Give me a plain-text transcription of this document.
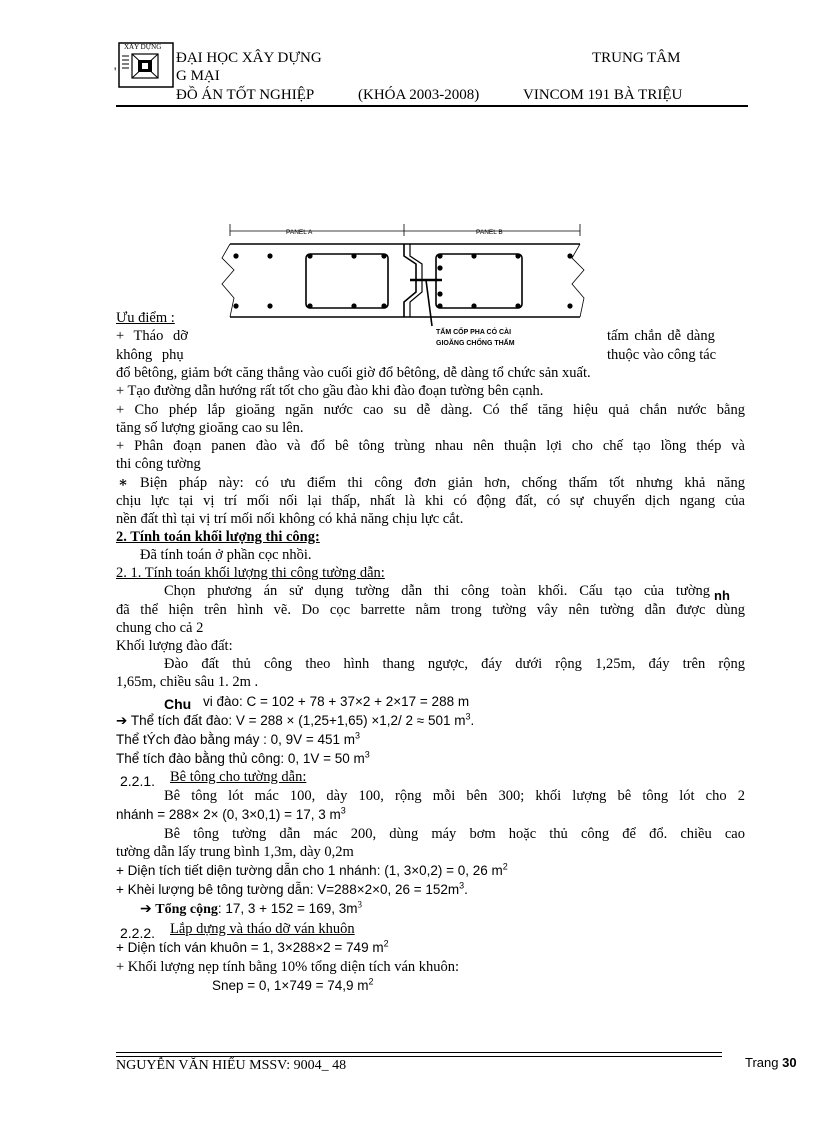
XÂY DỰNG
'
ĐẠI HỌC XÂY DỰNG	TRUNG TÂM
G MẠI
ĐỒ ÁN TỐT NGHIỆP	(KHÓA 2003-2008)	VINCOM 191 BÀ TRIỆU
PANEL A	PANEL B
TẤM CỐP PHA CÓ CÀI
GIOĂNG CHỐNG THẤM
Ưu điểm :
+ Tháo dỡ	tấm chắn dễ dàng
không phụ	thuộc vào công tác
đổ bêtông, giảm bớt căng thẳng vào cuối giờ đổ bêtông, dễ dàng tổ chức sản xuất.
+ Tạo đường dẫn hướng rất tốt cho gầu đào khi đào đoạn tường bên cạnh.
+ Cho phép lắp gioăng ngăn nước cao su dễ dàng. Có thể tăng hiệu quả chắn nước bằng
tăng số lượng gioăng cao su lên.
+ Phân đoạn panen đào và đổ bê tông trùng nhau nên thuận lợi cho chế tạo lồng thép và
thi công tường
∗ Biện pháp này: có ưu điểm thi công đơn giản hơn, chống thấm tốt nhưng khả năng
chịu lực tại vị trí mối nối lại thấp, nhất là khi có động đất, có sự chuyển dịch ngang của
nền đất thì tại vị trí mối nối không có khả năng chịu lực cắt.
2. Tính toán khối lượng thi công:
Đã tính toán ở phần cọc nhồi.
2. 1. Tính toán khối lượng thi công tường dẫn:
Chọn phương án sử dụng tường dẫn thi công toàn khối. Cấu tạo của tường nh
đã thể hiện trên hình vẽ. Do cọc barrette nằm trong tường vây nên tường dẫn được dùng
chung cho cả 2
Khối lượng đào đất:
Đào đất thủ công theo hình thang ngược, đáy dưới rộng 1,25m, đáy trên rộng
1,65m, chiều sâu 1. 2m .
Chu vi đào: C = 102 + 78 + 37×2 + 2×17 = 288 m
➔ Thể tích đất đào: V = 288 × (1,25+1,65) ×1,2/ 2 ≈ 501 $m^3$.
Thể tÝch đào bằng máy : 0, 9V = 451 $m^3$
Thể tích đào bằng thủ công: 0, 1V = 50 $m^3$
2.2.1. Bê tông cho tường dẫn:
Bê tông lót mác 100, dày 100, rộng mỗi bên 300; khối lượng bê tông lót cho 2
nhánh = 288× 2× (0, 3×0,1) = 17, 3 $m^3$
Bê tông tường dẫn mác 200, dùng máy bơm hoặc thủ công để đổ. chiều cao
tường dẫn lấy trung bình 1,3m, dày 0,2m
+ Diện tích tiết diện tường dẫn cho 1 nhánh: (1, 3×0,2) = 0, 26 $m^2$
+ Khèi lượng bê tông tường dẫn: V=288×2×0, $26 = 152m^3$.
➔ Tổng cộng: 17, 3 + 152 = 169, $3m^3$
2.2.2. Lắp dựng và tháo dỡ ván khuôn
+ Diện tích ván khuôn = 1, 3×288×2 = 749 $m^2$
+ Khối lượng nẹp tính bằng 10% tổng diện tích ván khuôn:
Snep = 0, 1×749 = 74,9 $m^2$
NGUYỄN VĂN HIẾU MSSV: 9004_ 48	Trang 30
